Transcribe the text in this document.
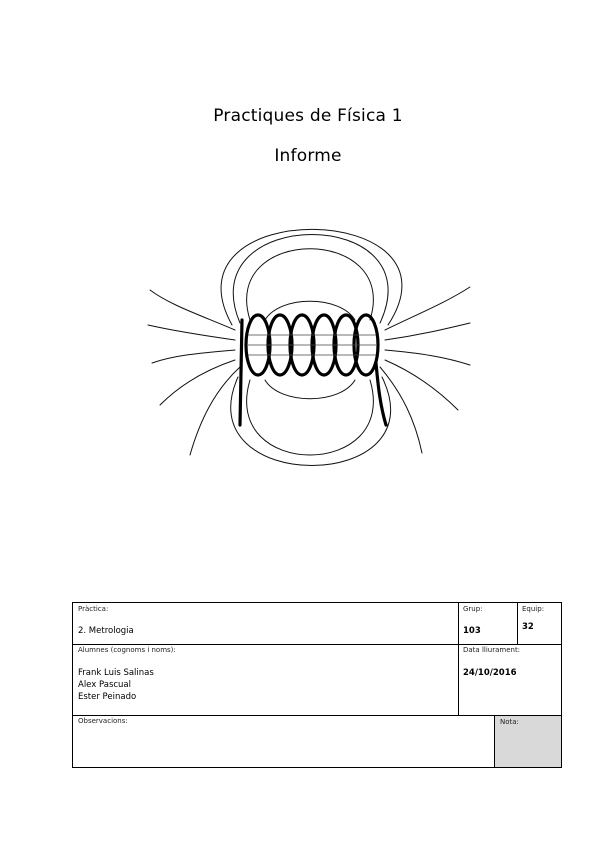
Practiques de Física 1
Informe
Pràctica:
2. Metrologia
Grup:
103
Equip:
32
Alumnes (cognoms i noms):
Frank Luis Salinas
Alex Pascual
Ester Peinado
Data lliurament:
24/10/2016
Observacions:	Nota:
